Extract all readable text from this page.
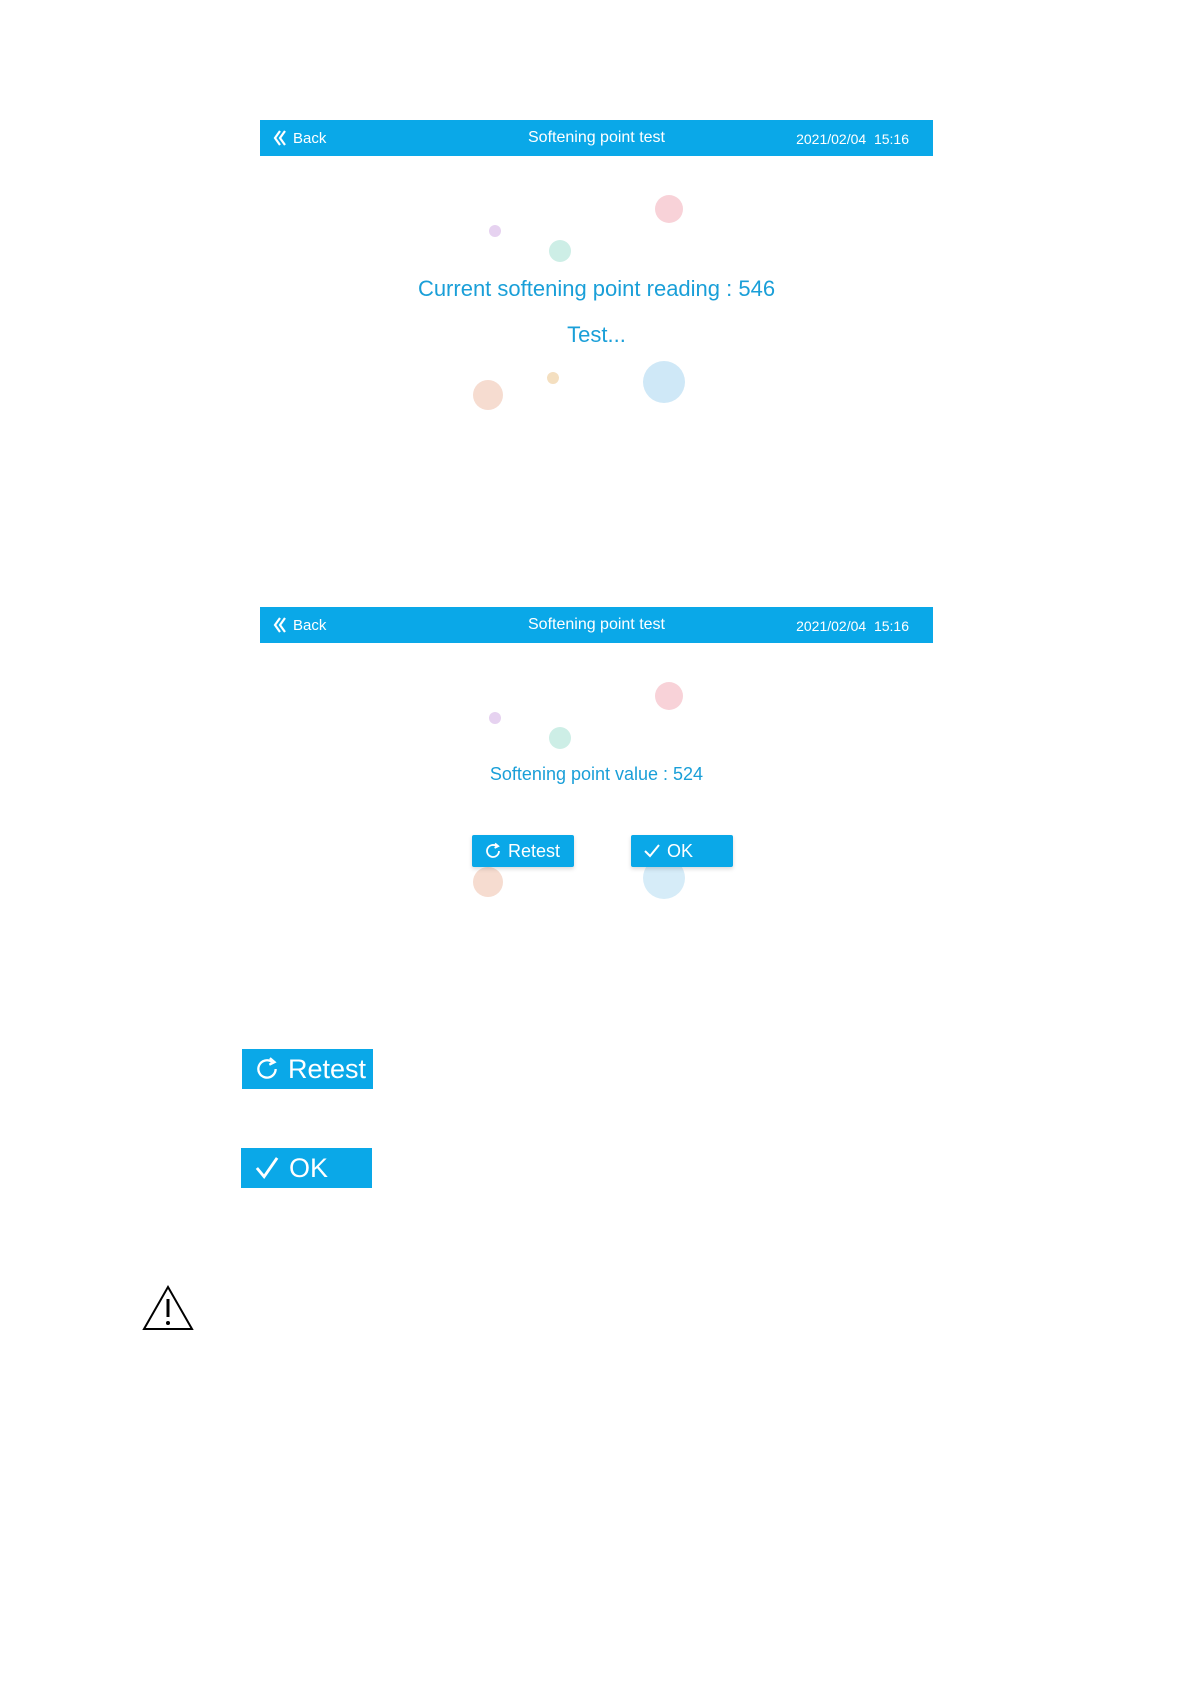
Softening point test
Back	2021/02/04  15:16
Current softening point reading : 546
Test...
Softening point test
Back	2021/02/04  15:16
Softening point value : 524
Retest	OK
Retest
OK
